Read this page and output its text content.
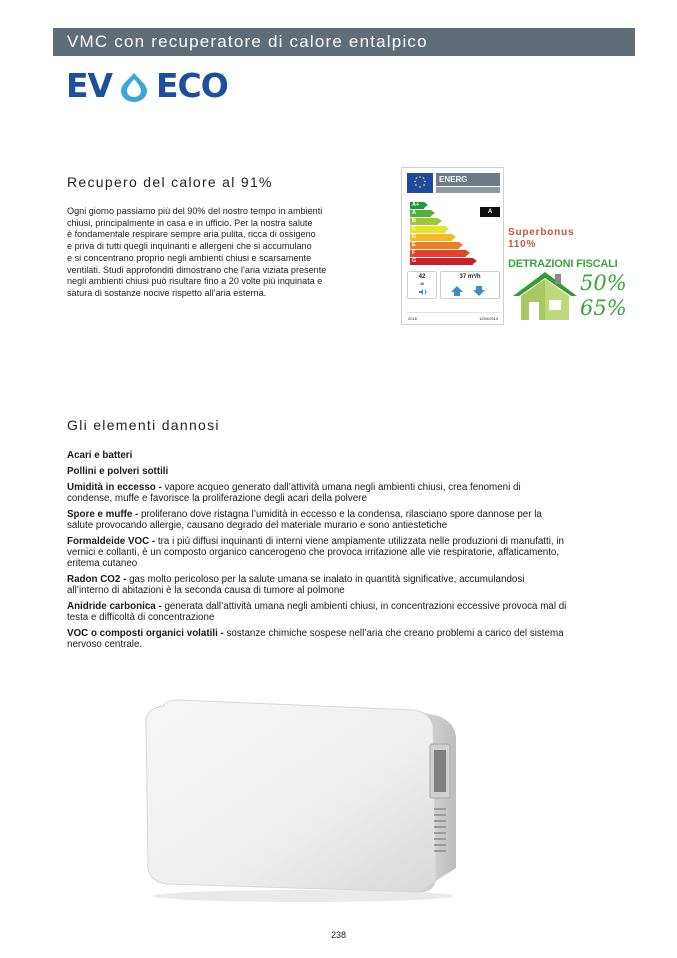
VMC con recuperatore di calore entalpico
EV ECO
Recupero del calore al 91%
Ogni giorno passiamo più del 90% del nostro tempo in ambienti
chiusi, principalmente in casa e in ufficio. Per la nostra salute
è fondamentale respirare sempre aria pulita, ricca di ossigeno
e priva di tutti quegli inquinanti e allergeni che si accumulano
e si concentrano proprio negli ambienti chiusi e scarsamente
ventilati. Studi approfonditi dimostrano che l’aria viziata presente
negli ambienti chiusi può risultare fino a 20 volte più inquinata e
satura di sostanze nocive rispetto all’aria esterna.
ENERG
A+
A
B
C
D
E
F
G
A
42
dB
37 m³/h
2016	1254/2014
Superbonus
110%
DETRAZIONI FISCALI
50%
65%
Gli elementi dannosi
Acari e batteri
Pollini e polveri sottili
Umidità in eccesso - vapore acqueo generato dall’attività umana negli ambienti chiusi, crea fenomeni di condense, muffe e favorisce la proliferazione degli acari della polvere
Spore e muffe - proliferano dove ristagna l’umidità in eccesso e la condensa, rilasciano spore dannose per la salute provocando allergie, causano degrado del materiale murario e sono antiestetiche
Formaldeide VOC - tra i più diffusi inquinanti di interni viene ampiamente utilizzata nelle produzioni di manufatti, in vernici e collanti, è un composto organico cancerogeno che provoca irritazione alle vie respiratorie, affaticamento, eritema cutaneo
Radon CO2 - gas molto pericoloso per la salute umana se inalato in quantità significative, accumulandosi all’interno di abitazioni è la seconda causa di tumore al polmone
Anidride carbonica - generata dall’attività umana negli ambienti chiusi, in concentrazioni eccessive provoca mal di testa e difficoltà di concentrazione
VOC o composti organici volatili - sostanze chimiche sospese nell’aria che creano problemi a carico del sistema nervoso centrale.
238
